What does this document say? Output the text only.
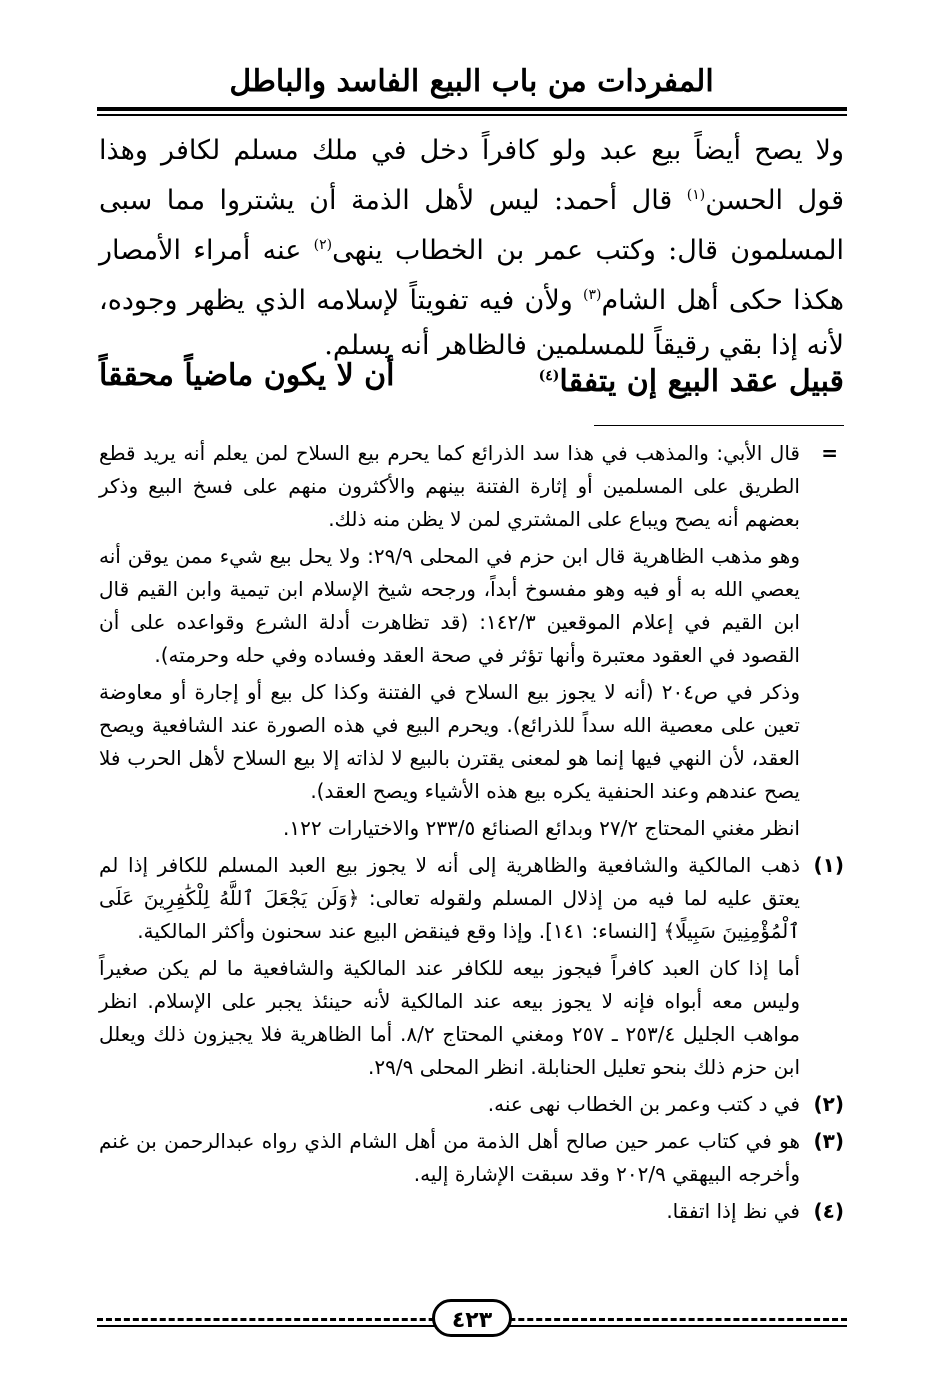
المفردات من باب البيع الفاسد والباطل

ولا يصح أيضاً بيع عبد ولو كافراً دخل في ملك مسلم لكافر وهذا قول الحسن$^{(١)}$ قال أحمد: ليس لأهل الذمة أن يشتروا مما سبى المسلمون قال: وكتب عمر بن الخطاب ينهى$^{(٢)}$ عنه أمراء الأمصار هكذا حكى أهل الشام$^{(٣)}$ ولأن فيه تفويتاً لإسلامه الذي يظهر وجوده، لأنه إذا بقي رقيقاً للمسلمين فالظاهر أنه يسلم.

قبيل عقد البيع إن يتفقا$^{(٤)}$
أن لا يكون ماضياً محققاً
=

قال الأبي: والمذهب في هذا سد الذرائع كما يحرم بيع السلاح لمن يعلم أنه يريد قطع الطريق على المسلمين أو إثارة الفتنة بينهم والأكثرون منهم على فسخ البيع وذكر بعضهم أنه يصح ويباع على المشتري لمن لا يظن منه ذلك.

وهو مذهب الظاهرية قال ابن حزم في المحلى ٢٩/٩: ولا يحل بيع شيء ممن يوقن أنه يعصي الله به أو فيه وهو مفسوخ أبداً، ورجحه شيخ الإسلام ابن تيمية وابن القيم قال ابن القيم في إعلام الموقعين ١٤٢/٣: (قد تظاهرت أدلة الشرع وقواعده على أن القصود في العقود معتبرة وأنها تؤثر في صحة العقد وفساده وفي حله وحرمته).

وذكر في ص٢٠٤ (أنه لا يجوز بيع السلاح في الفتنة وكذا كل بيع أو إجارة أو معاوضة تعين على معصية الله سداً للذرائع). ويحرم البيع في هذه الصورة عند الشافعية ويصح العقد، لأن النهي فيها إنما هو لمعنى يقترن بالبيع لا لذاته إلا بيع السلاح لأهل الحرب فلا يصح عندهم وعند الحنفية يكره بيع هذه الأشياء ويصح العقد).

انظر مغني المحتاج ٢٧/٢ وبدائع الصنائع ٢٣٣/٥ والاختيارات ١٢٢.

(١)

ذهب المالكية والشافعية والظاهرية إلى أنه لا يجوز بيع العبد المسلم للكافر إذا لم يعتق عليه لما فيه من إذلال المسلم ولقوله تعالى: ﴿وَلَن يَجْعَلَ ٱللَّهُ لِلْكَٰفِرِينَ عَلَى ٱلْمُؤْمِنِينَ سَبِيلًا﴾ [النساء: ١٤١]. وإذا وقع فينقض البيع عند سحنون وأكثر المالكية.

أما إذا كان العبد كافراً فيجوز بيعه للكافر عند المالكية والشافعية ما لم يكن صغيراً وليس معه أبواه فإنه لا يجوز بيعه عند المالكية لأنه حينئذ يجبر على الإسلام. انظر مواهب الجليل ٢٥٣/٤ ـ ٢٥٧ ومغني المحتاج ٨/٢. أما الظاهرية فلا يجيزون ذلك ويعلل ابن حزم ذلك بنحو تعليل الحنابلة. انظر المحلى ٢٩/٩.

(٢)

في د كتب وعمر بن الخطاب نهى عنه.

(٣)

هو في كتاب عمر حين صالح أهل الذمة من أهل الشام الذي رواه عبدالرحمن بن غنم وأخرجه البيهقي ٢٠٢/٩ وقد سبقت الإشارة إليه.

(٤)

في نظ إذا اتفقا.

٤٢٣
